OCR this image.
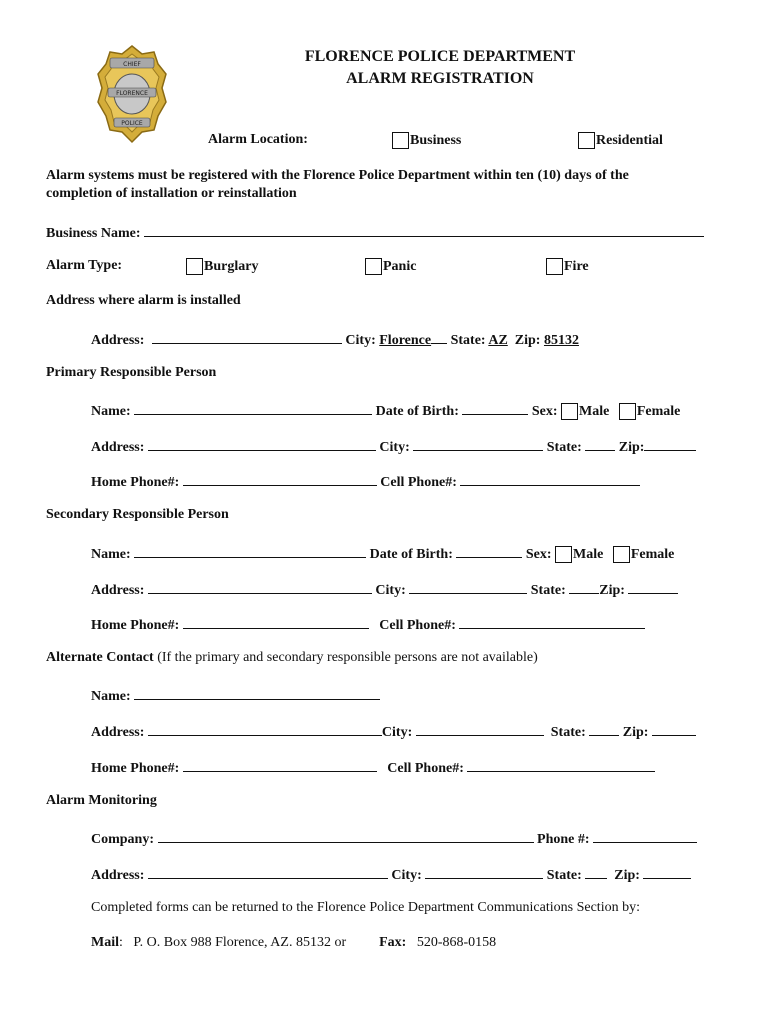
CHIEF
FLORENCE
POLICE
FLORENCE POLICE DEPARTMENT
ALARM REGISTRATION
Alarm Location:	Business	Residential
Alarm systems must be registered with the Florence Police Department within ten (10) days of the
completion of installation or reinstallation
Business Name:
Alarm Type:	Burglary	Panic	Fire
Address where alarm is installed
Address:	City: Florence State: AZ Zip: 85132
Primary Responsible Person
Name:	Date of Birth:	Sex: Male Female
Address:	City:	State:	Zip:
Home Phone#:	Cell Phone#:
Secondary Responsible Person
Name:	Date of Birth:	Sex: Male Female
Address:	City:	State: Zip:
Home Phone#:	Cell Phone#:
Alternate Contact (If the primary and secondary responsible persons are not available)
Name:
Address:	City:	State:	Zip:
Home Phone#:	Cell Phone#:
Alarm Monitoring
Company:	Phone #:
Address:	City:	State: Zip:
Completed forms can be returned to the Florence Police Department Communications Section by:
Mail:   P. O. Box 988 Florence, AZ. 85132 or Fax: 520-868-0158
